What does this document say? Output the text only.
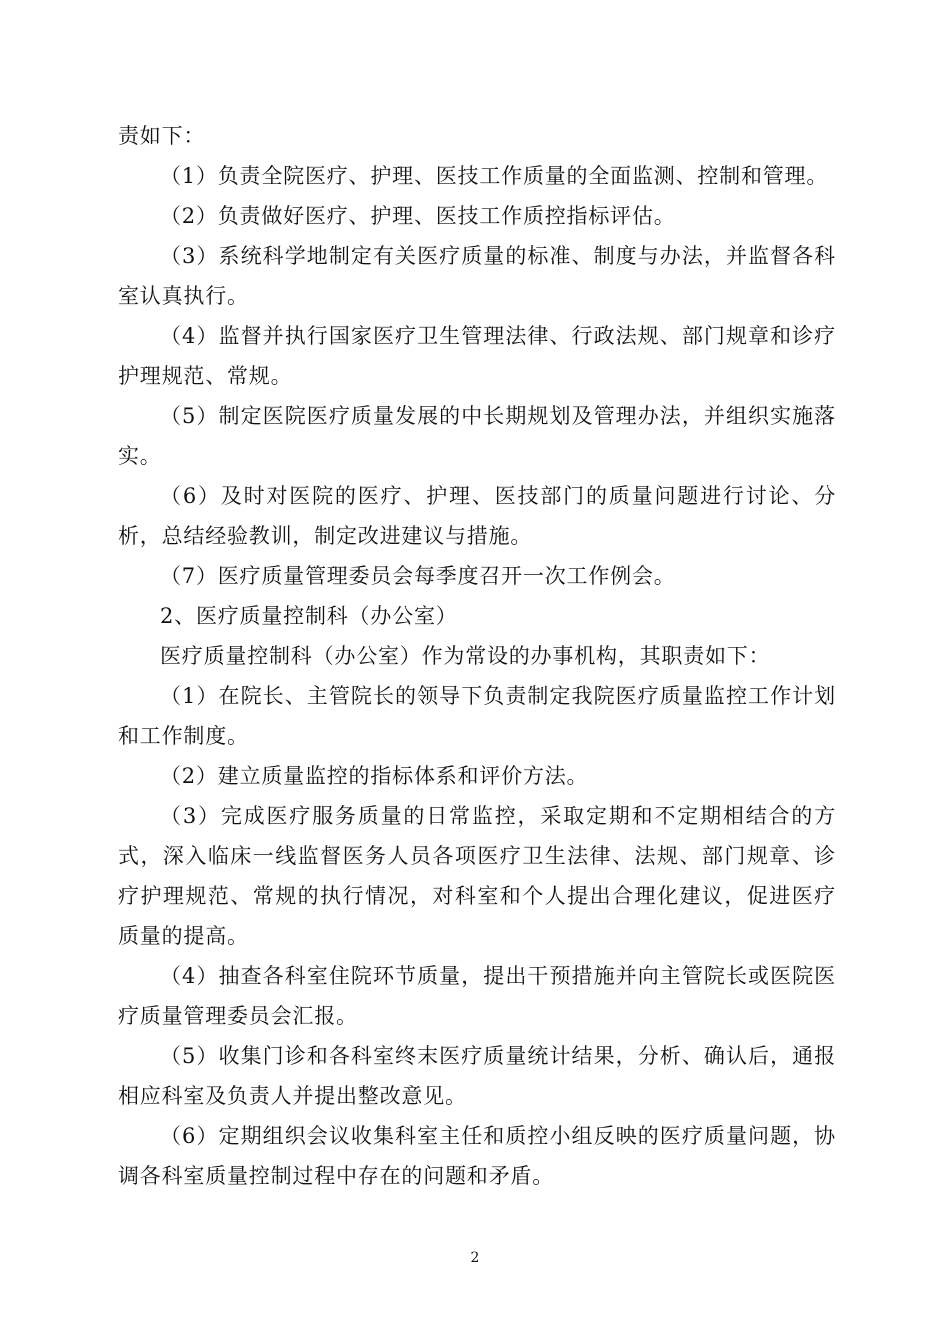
责如下：

（1）负责全院医疗、护理、医技工作质量的全面监测、控制和管理。

（2）负责做好医疗、护理、医技工作质控指标评估。

（3）系统科学地制定有关医疗质量的标准、制度与办法，并监督各科室认真执行。

（4）监督并执行国家医疗卫生管理法律、行政法规、部门规章和诊疗护理规范、常规。

（5）制定医院医疗质量发展的中长期规划及管理办法，并组织实施落实。

（6）及时对医院的医疗、护理、医技部门的质量问题进行讨论、分析，总结经验教训，制定改进建议与措施。

（7）医疗质量管理委员会每季度召开一次工作例会。

2、医疗质量控制科（办公室）

医疗质量控制科（办公室）作为常设的办事机构，其职责如下：

（1）在院长、主管院长的领导下负责制定我院医疗质量监控工作计划和工作制度。

（2）建立质量监控的指标体系和评价方法。

（3）完成医疗服务质量的日常监控，采取定期和不定期相结合的方式，深入临床一线监督医务人员各项医疗卫生法律、法规、部门规章、诊疗护理规范、常规的执行情况，对科室和个人提出合理化建议，促进医疗质量的提高。

（4）抽查各科室住院环节质量，提出干预措施并向主管院长或医院医疗质量管理委员会汇报。

（5）收集门诊和各科室终末医疗质量统计结果，分析、确认后，通报相应科室及负责人并提出整改意见。

（6）定期组织会议收集科室主任和质控小组反映的医疗质量问题，协调各科室质量控制过程中存在的问题和矛盾。

2
